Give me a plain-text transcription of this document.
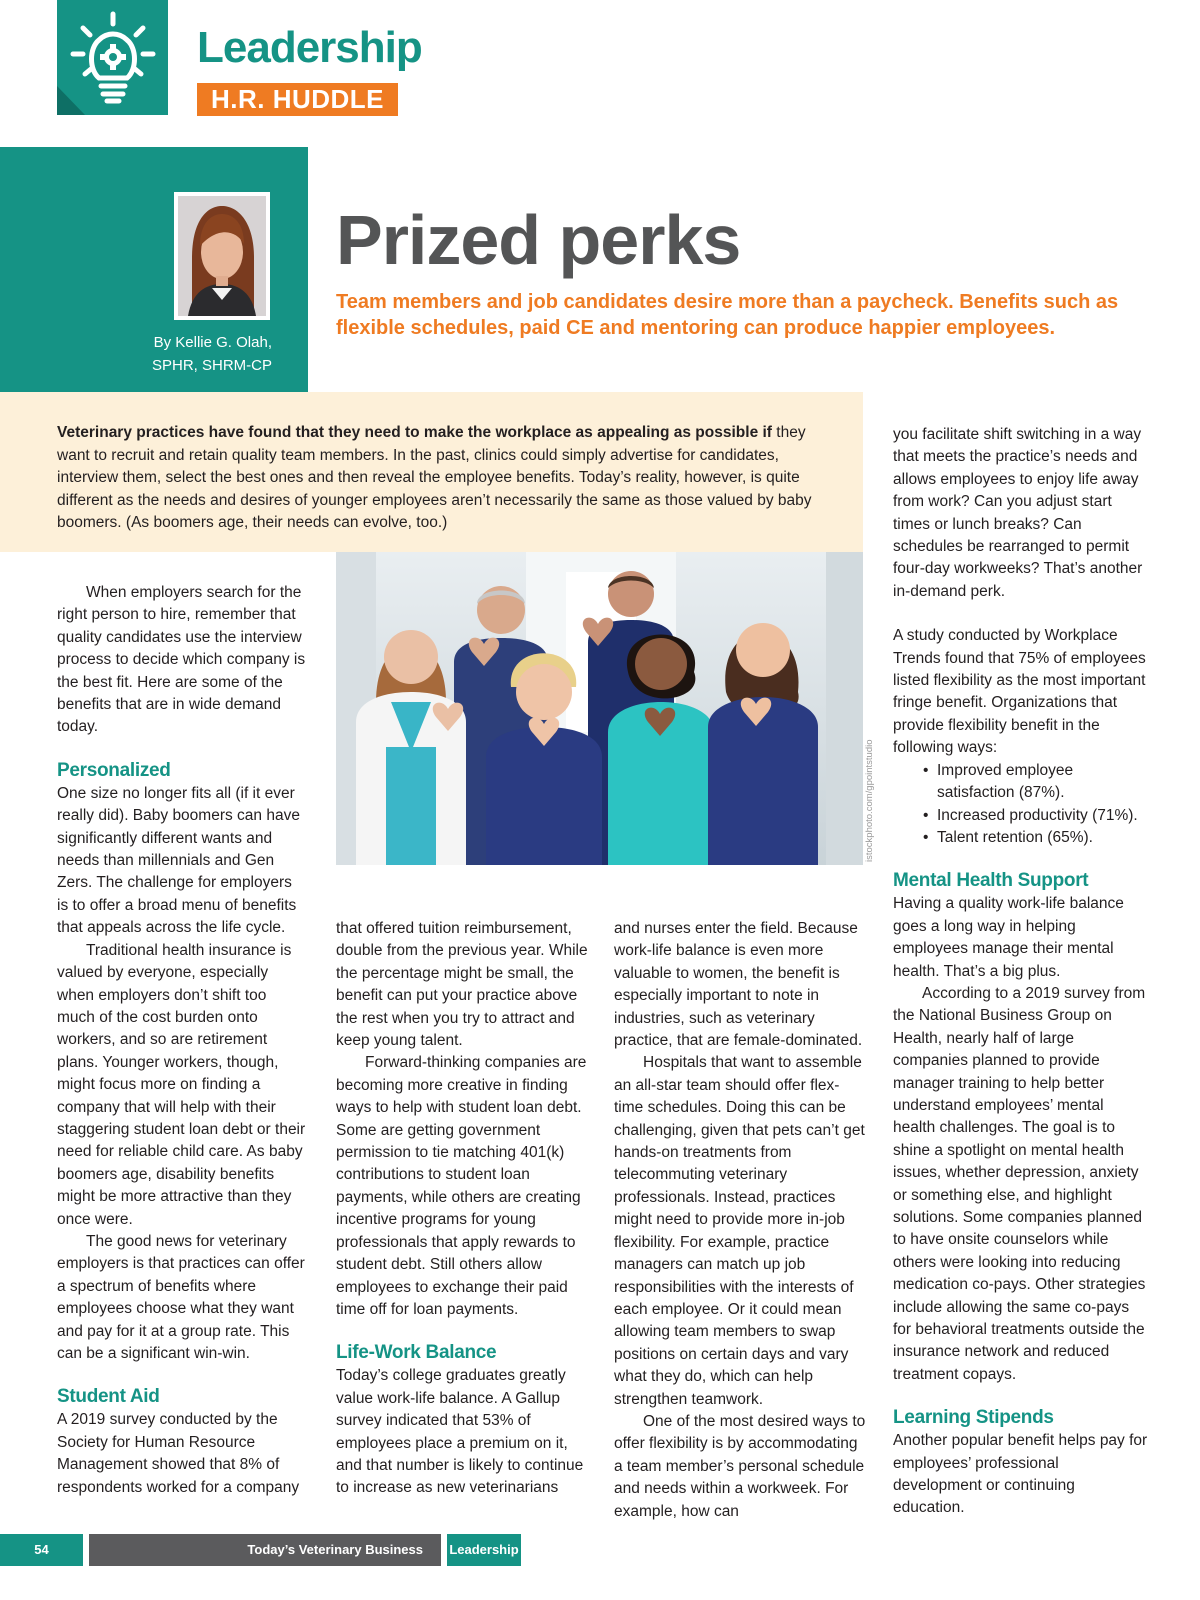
Leadership
H.R. HUDDLE
By Kellie G. Olah,
SPHR, SHRM-CP
Prized perks
Team members and job candidates desire more than a paycheck. Benefits such as flexible schedules, paid CE and mentoring can produce happier employees.

Veterinary practices have found that they need to make the workplace as appealing as possible if they want to recruit and retain quality team members. In the past, clinics could simply advertise for candidates, interview them, select the best ones and then reveal the employee benefits. Today’s reality, however, is quite different as the needs and desires of younger employees aren’t necessarily the same as those valued by baby boomers. (As boomers age, their needs can evolve, too.)

istockphoto.com/gpointstudio

When employers search for the right person to hire, remember that quality candidates use the interview process to decide which company is the best fit. Here are some of the benefits that are in wide demand today.

Personalized

One size no longer fits all (if it ever really did). Baby boomers can have significantly different wants and needs than millennials and Gen Zers. The challenge for employers is to offer a broad menu of benefits that appeals across the life cycle.

Traditional health insurance is valued by everyone, especially when employers don’t shift too much of the cost burden onto workers, and so are retirement plans. Younger workers, though, might focus more on finding a company that will help with their staggering student loan debt or their need for reliable child care. As baby boomers age, disability benefits might be more attractive than they once were.

The good news for veterinary employers is that practices can offer a spectrum of benefits where employees choose what they want and pay for it at a group rate. This can be a significant win-win.

Student Aid

A 2019 survey conducted by the Society for Human Resource Management showed that 8% of respondents worked for a company

that offered tuition reimbursement, double from the previous year. While the percentage might be small, the benefit can put your practice above the rest when you try to attract and keep young talent.

Forward-thinking companies are becoming more creative in finding ways to help with student loan debt. Some are getting government permission to tie matching 401(k) contributions to student loan payments, while others are creating incentive programs for young professionals that apply rewards to student debt. Still others allow employees to exchange their paid time off for loan payments.

Life-Work Balance

Today’s college graduates greatly value work-life balance. A Gallup survey indicated that 53% of employees place a premium on it, and that number is likely to continue to increase as new veterinarians

and nurses enter the field. Because work-life balance is even more valuable to women, the benefit is especially important to note in industries, such as veterinary practice, that are female-dominated.

Hospitals that want to assemble an all-star team should offer flex-time schedules. Doing this can be challenging, given that pets can’t get hands-on treatments from telecommuting veterinary professionals. Instead, practices might need to provide more in-job flexibility. For example, practice managers can match up job responsibilities with the interests of each employee. Or it could mean allowing team members to swap positions on certain days and vary what they do, which can help strengthen teamwork.

One of the most desired ways to offer flexibility is by accommodating a team member’s personal schedule and needs within a workweek. For example, how can

you facilitate shift switching in a way that meets the practice’s needs and allows employees to enjoy life away from work? Can you adjust start times or lunch breaks? Can schedules be rearranged to permit four-day workweeks? That’s another in-demand perk.

A study conducted by Workplace Trends found that 75% of employees listed flexibility as the most important fringe benefit. Organizations that provide flexibility benefit in the following ways:

• Improved employee satisfaction (87%).
• Increased productivity (71%).
• Talent retention (65%).
Mental Health Support

Having a quality work-life balance goes a long way in helping employees manage their mental health. That’s a big plus.

According to a 2019 survey from the National Business Group on Health, nearly half of large companies planned to provide manager training to help better understand employees’ mental health challenges. The goal is to shine a spotlight on mental health issues, whether depression, anxiety or something else, and highlight solutions. Some companies planned to have onsite counselors while others were looking into reducing medication co-pays. Other strategies include allowing the same co-pays for behavioral treatments outside the insurance network and reduced treatment copays.

Learning Stipends

Another popular benefit helps pay for employees’ professional development or continuing education.

54	Today’s Veterinary Business	Leadership
